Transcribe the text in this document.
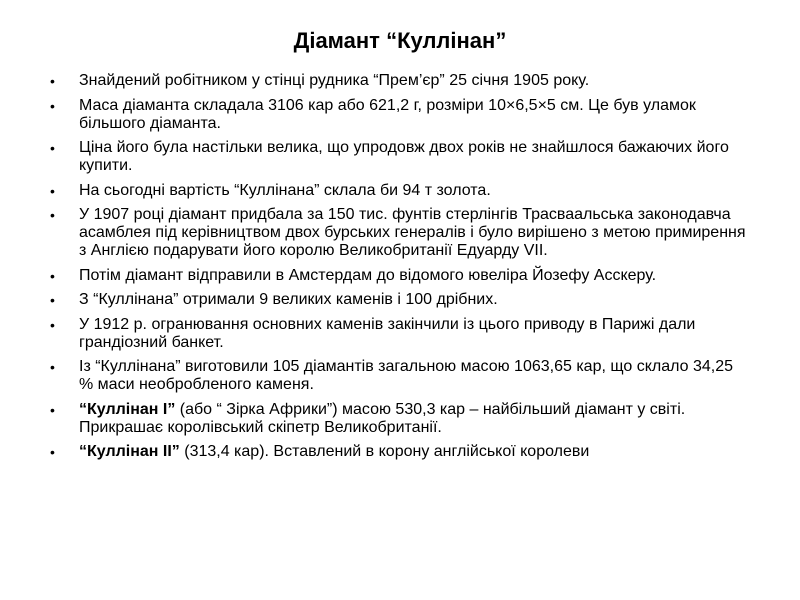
Діамант “Куллінан”
•	Знайдений робітником у стінці рудника “Прем’єр” 25 січня 1905 року.
•	Маса діаманта складала 3106 кар або 621,2 г, розміри 10×6,5×5 см. Це був уламок більшого діаманта.
•	Ціна його була настільки велика, що упродовж двох років не знайшлося бажаючих його купити.
•	На сьогодні вартість “Куллінана” склала би 94 т золота.
•	У 1907 році діамант придбала за 150 тис. фунтів стерлінгів Трасваальська законодавча асамблея під керівництвом двох бурських генералів і було вирішено з метою примирення з Англією подарувати його королю Великобританії Едуарду VII.
•	Потім діамант відправили в Амстердам до відомого ювеліра Йозефу Асскеру.
•	З “Куллінана” отримали 9 великих каменів і 100 дрібних.
•	У 1912 р. огранювання основних каменів закінчили із цього приводу в Парижі дали грандіозний банкет.
•	Із “Куллінана” виготовили 105 діамантів загальною масою 1063,65 кар, що склало 34,25 % маси необробленого каменя.
•	“Куллінан І” (або “ Зірка Африки”) масою 530,3 кар – найбільший діамант у світі. Прикрашає королівський скіпетр Великобританії.
•	“Куллінан ІІ” (313,4 кар). Вставлений в корону англійської королеви
